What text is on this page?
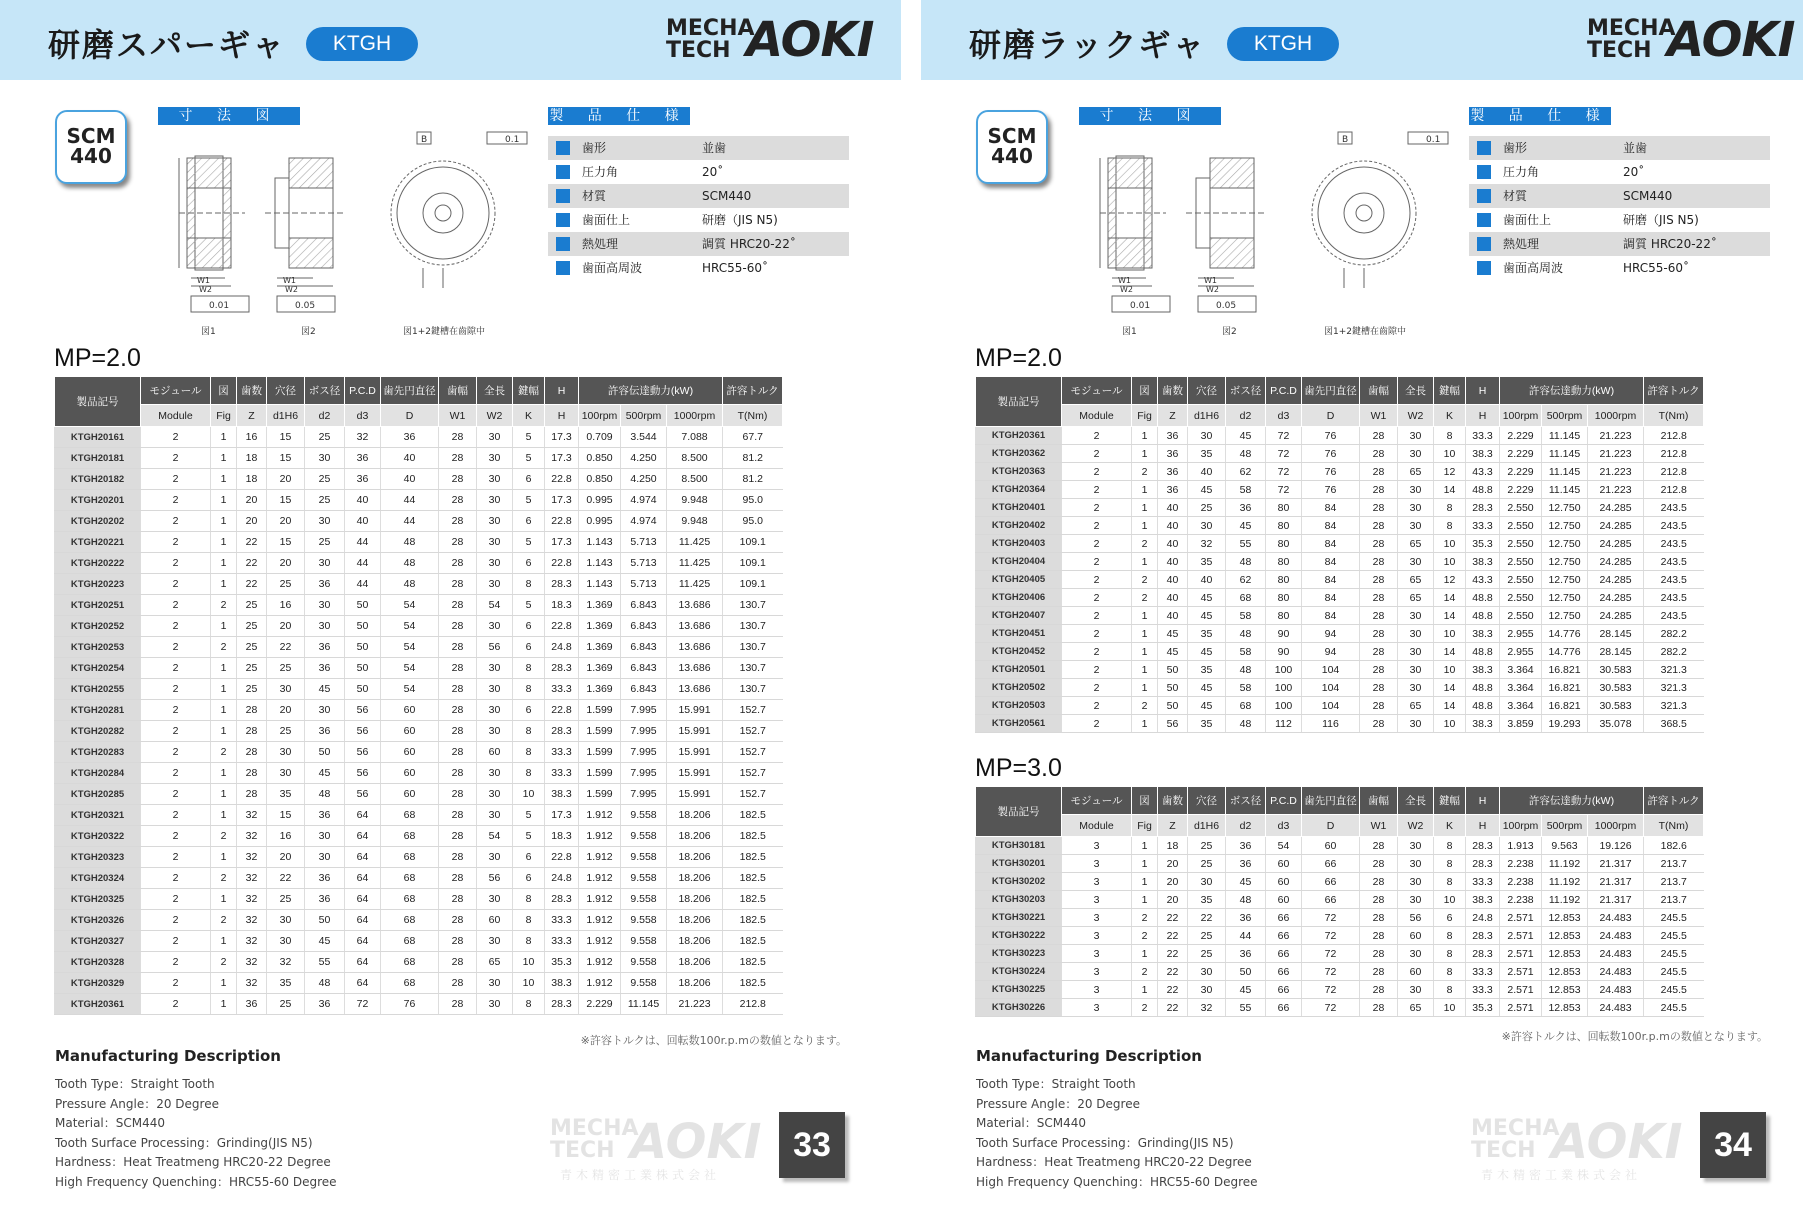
研磨スパーギャ	KTGH
MECHA
TECH AOKI
SCM
440
寸 法 図	製 品 仕 様
B	0.1
0.01	0.05
W1
W2
W1
W2
図1	図2	図1+2鍵槽在齒隙中
歯形	並歯
圧力角	20˚
材質	SCM440
歯面仕上	研磨（JIS N5)
熱処理	調質 HRC20-22˚
歯面高周波	HRC55-60˚
MP=2.0
製品記号	モジュール	図	歯数	穴径	ボス径	P.C.D	歯先円直径	歯幅	全長	鍵幅	H	許容伝達動力(kW)			許容トルク
	Module	Fig	Z	d1H6	d2	d3	D	W1	W2	K	H	100rpm	500rpm	1000rpm	T(Nm)
KTGH20161	2	1	16	15	25	32	36	28	30	5	17.3	0.709	3.544	7.088	67.7
KTGH20181	2	1	18	15	30	36	40	28	30	5	17.3	0.850	4.250	8.500	81.2
KTGH20182	2	1	18	20	25	36	40	28	30	6	22.8	0.850	4.250	8.500	81.2
KTGH20201	2	1	20	15	25	40	44	28	30	5	17.3	0.995	4.974	9.948	95.0
KTGH20202	2	1	20	20	30	40	44	28	30	6	22.8	0.995	4.974	9.948	95.0
KTGH20221	2	1	22	15	25	44	48	28	30	5	17.3	1.143	5.713	11.425	109.1
KTGH20222	2	1	22	20	30	44	48	28	30	6	22.8	1.143	5.713	11.425	109.1
KTGH20223	2	1	22	25	36	44	48	28	30	8	28.3	1.143	5.713	11.425	109.1
KTGH20251	2	2	25	16	30	50	54	28	54	5	18.3	1.369	6.843	13.686	130.7
KTGH20252	2	1	25	20	30	50	54	28	30	6	22.8	1.369	6.843	13.686	130.7
KTGH20253	2	2	25	22	36	50	54	28	56	6	24.8	1.369	6.843	13.686	130.7
KTGH20254	2	1	25	25	36	50	54	28	30	8	28.3	1.369	6.843	13.686	130.7
KTGH20255	2	1	25	30	45	50	54	28	30	8	33.3	1.369	6.843	13.686	130.7
KTGH20281	2	1	28	20	30	56	60	28	30	6	22.8	1.599	7.995	15.991	152.7
KTGH20282	2	1	28	25	36	56	60	28	30	8	28.3	1.599	7.995	15.991	152.7
KTGH20283	2	2	28	30	50	56	60	28	60	8	33.3	1.599	7.995	15.991	152.7
KTGH20284	2	1	28	30	45	56	60	28	30	8	33.3	1.599	7.995	15.991	152.7
KTGH20285	2	1	28	35	48	56	60	28	30	10	38.3	1.599	7.995	15.991	152.7
KTGH20321	2	1	32	15	36	64	68	28	30	5	17.3	1.912	9.558	18.206	182.5
KTGH20322	2	2	32	16	30	64	68	28	54	5	18.3	1.912	9.558	18.206	182.5
KTGH20323	2	1	32	20	30	64	68	28	30	6	22.8	1.912	9.558	18.206	182.5
KTGH20324	2	2	32	22	36	64	68	28	56	6	24.8	1.912	9.558	18.206	182.5
KTGH20325	2	1	32	25	36	64	68	28	30	8	28.3	1.912	9.558	18.206	182.5
KTGH20326	2	2	32	30	50	64	68	28	60	8	33.3	1.912	9.558	18.206	182.5
KTGH20327	2	1	32	30	45	64	68	28	30	8	33.3	1.912	9.558	18.206	182.5
KTGH20328	2	2	32	32	55	64	68	28	65	10	35.3	1.912	9.558	18.206	182.5
KTGH20329	2	1	32	35	48	64	68	28	30	10	38.3	1.912	9.558	18.206	182.5
KTGH20361	2	1	36	25	36	72	76	28	30	8	28.3	2.229	11.145	21.223	212.8
※許容トルクは、回転数100r.p.mの数値となります。
Manufacturing Description
Tooth Type：Straight Tooth
Pressure Angle：20 Degree
Material：SCM440
Tooth Surface Processing：Grinding(JIS N5)
Hardness：Heat Treatmeng HRC20-22 Degree
High Frequency Quenching：HRC55-60 Degree
MECHA
TECH AOKI
青木精密工業株式会社
33
研磨ラックギャ	KTGH
MECHA
TECH AOKI
SCM
440
寸 法 図	製 品 仕 様
B	0.1
0.01	0.05
W1
W2
W1
W2
図1	図2	図1+2鍵槽在齒隙中
歯形	並歯
圧力角	20˚
材質	SCM440
歯面仕上	研磨（JIS N5)
熱処理	調質 HRC20-22˚
歯面高周波	HRC55-60˚
MP=2.0
製品記号	モジュール	図	歯数	穴径	ボス径	P.C.D	歯先円直径	歯幅	全長	鍵幅	H	許容伝達動力(kW)			許容トルク
	Module	Fig	Z	d1H6	d2	d3	D	W1	W2	K	H	100rpm	500rpm	1000rpm	T(Nm)
KTGH20361	2	1	36	30	45	72	76	28	30	8	33.3	2.229	11.145	21.223	212.8
KTGH20362	2	1	36	35	48	72	76	28	30	10	38.3	2.229	11.145	21.223	212.8
KTGH20363	2	2	36	40	62	72	76	28	65	12	43.3	2.229	11.145	21.223	212.8
KTGH20364	2	1	36	45	58	72	76	28	30	14	48.8	2.229	11.145	21.223	212.8
KTGH20401	2	1	40	25	36	80	84	28	30	8	28.3	2.550	12.750	24.285	243.5
KTGH20402	2	1	40	30	45	80	84	28	30	8	33.3	2.550	12.750	24.285	243.5
KTGH20403	2	2	40	32	55	80	84	28	65	10	35.3	2.550	12.750	24.285	243.5
KTGH20404	2	1	40	35	48	80	84	28	30	10	38.3	2.550	12.750	24.285	243.5
KTGH20405	2	2	40	40	62	80	84	28	65	12	43.3	2.550	12.750	24.285	243.5
KTGH20406	2	2	40	45	68	80	84	28	65	14	48.8	2.550	12.750	24.285	243.5
KTGH20407	2	1	40	45	58	80	84	28	30	14	48.8	2.550	12.750	24.285	243.5
KTGH20451	2	1	45	35	48	90	94	28	30	10	38.3	2.955	14.776	28.145	282.2
KTGH20452	2	1	45	45	58	90	94	28	30	14	48.8	2.955	14.776	28.145	282.2
KTGH20501	2	1	50	35	48	100	104	28	30	10	38.3	3.364	16.821	30.583	321.3
KTGH20502	2	1	50	45	58	100	104	28	30	14	48.8	3.364	16.821	30.583	321.3
KTGH20503	2	2	50	45	68	100	104	28	65	14	48.8	3.364	16.821	30.583	321.3
KTGH20561	2	1	56	35	48	112	116	28	30	10	38.3	3.859	19.293	35.078	368.5
MP=3.0
製品記号	モジュール	図	歯数	穴径	ボス径	P.C.D	歯先円直径	歯幅	全長	鍵幅	H	許容伝達動力(kW)			許容トルク
	Module	Fig	Z	d1H6	d2	d3	D	W1	W2	K	H	100rpm	500rpm	1000rpm	T(Nm)
KTGH30181	3	1	18	25	36	54	60	28	30	8	28.3	1.913	9.563	19.126	182.6
KTGH30201	3	1	20	25	36	60	66	28	30	8	28.3	2.238	11.192	21.317	213.7
KTGH30202	3	1	20	30	45	60	66	28	30	8	33.3	2.238	11.192	21.317	213.7
KTGH30203	3	1	20	35	48	60	66	28	30	10	38.3	2.238	11.192	21.317	213.7
KTGH30221	3	2	22	22	36	66	72	28	56	6	24.8	2.571	12.853	24.483	245.5
KTGH30222	3	2	22	25	44	66	72	28	60	8	28.3	2.571	12.853	24.483	245.5
KTGH30223	3	1	22	25	36	66	72	28	30	8	28.3	2.571	12.853	24.483	245.5
KTGH30224	3	2	22	30	50	66	72	28	60	8	33.3	2.571	12.853	24.483	245.5
KTGH30225	3	1	22	30	45	66	72	28	30	8	33.3	2.571	12.853	24.483	245.5
KTGH30226	3	2	22	32	55	66	72	28	65	10	35.3	2.571	12.853	24.483	245.5
※許容トルクは、回転数100r.p.mの数値となります。
Manufacturing Description
Tooth Type：Straight Tooth
Pressure Angle：20 Degree
Material：SCM440
Tooth Surface Processing：Grinding(JIS N5)
Hardness：Heat Treatmeng HRC20-22 Degree
High Frequency Quenching：HRC55-60 Degree
MECHA
TECH AOKI
青木精密工業株式会社
34
